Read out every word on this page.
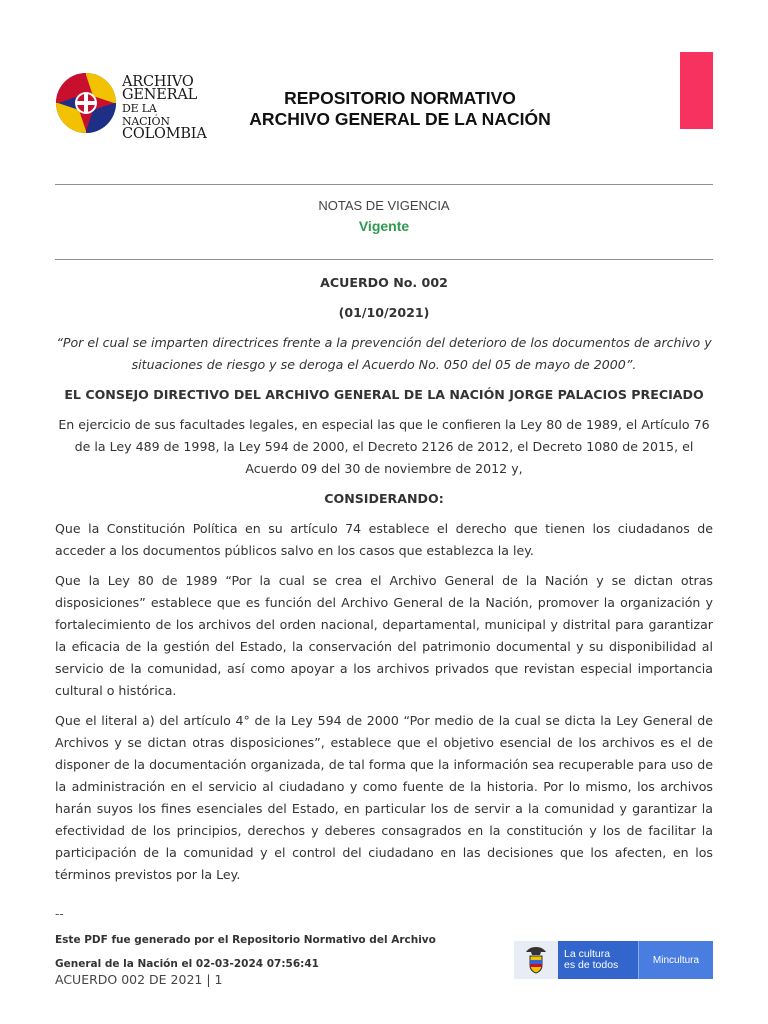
ARCHIVO
GENERAL
DE LA NACIÓN
COLOMBIA
REPOSITORIO NORMATIVO
ARCHIVO GENERAL DE LA NACIÓN
NOTAS DE VIGENCIA
Vigente

ACUERDO No. 002

(01/10/2021)

“Por el cual se imparten directrices frente a la prevención del deterioro de los documentos de archivo y situaciones de riesgo y se deroga el Acuerdo No. 050 del 05 de mayo de 2000”.

EL CONSEJO DIRECTIVO DEL ARCHIVO GENERAL DE LA NACIÓN JORGE PALACIOS PRECIADO

En ejercicio de sus facultades legales, en especial las que le confieren la Ley 80 de 1989, el Artículo 76 de la Ley 489 de 1998, la Ley 594 de 2000, el Decreto 2126 de 2012, el Decreto 1080 de 2015, el Acuerdo 09 del 30 de noviembre de 2012 y,

CONSIDERANDO:

Que la Constitución Política en su artículo 74 establece el derecho que tienen los ciudadanos de acceder a los documentos públicos salvo en los casos que establezca la ley.

Que la Ley 80 de 1989 “Por la cual se crea el Archivo General de la Nación y se dictan otras disposiciones” establece que es función del Archivo General de la Nación, promover la organización y fortalecimiento de los archivos del orden nacional, departamental, municipal y distrital para garantizar la eficacia de la gestión del Estado, la conservación del patrimonio documental y su disponibilidad al servicio de la comunidad, así como apoyar a los archivos privados que revistan especial importancia cultural o histórica.

Que el literal a) del artículo 4° de la Ley 594 de 2000 “Por medio de la cual se dicta la Ley General de Archivos y se dictan otras disposiciones”, establece que el objetivo esencial de los archivos es el de disponer de la documentación organizada, de tal forma que la información sea recuperable para uso de la administración en el servicio al ciudadano y como fuente de la historia. Por lo mismo, los archivos harán suyos los fines esenciales del Estado, en particular los de servir a la comunidad y garantizar la efectividad de los principios, derechos y deberes consagrados en la constitución y los de facilitar la participación de la comunidad y el control del ciudadano en las decisiones que los afecten, en los términos previstos por la Ley.

--
Este PDF fue generado por el Repositorio Normativo del Archivo
General de la Nación el 02-03-2024 07:56:41
ACUERDO 002 DE 2021 | 1
La cultura
es de todos	Mincultura
